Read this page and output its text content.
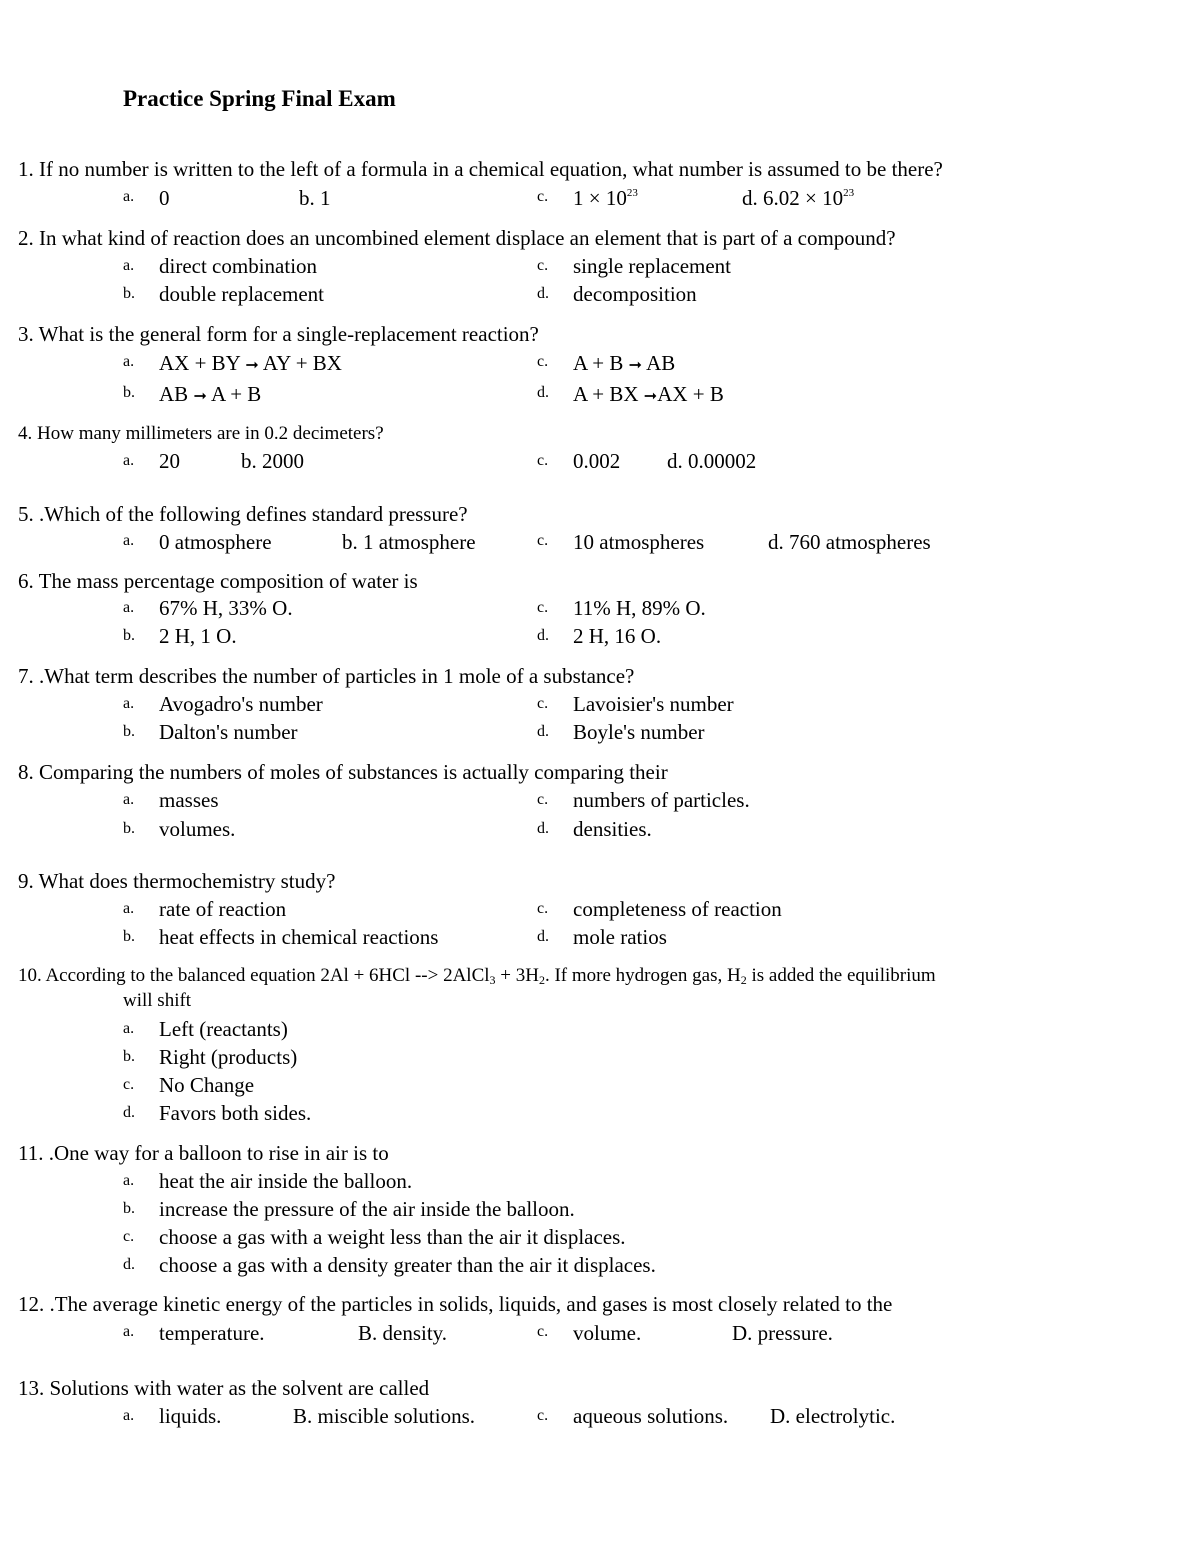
Practice Spring Final Exam
1. If no number is written to the left of a formula in a chemical equation, what number is assumed to be there?
a. 0	b. 1	c. $1 \times 10^{23}$	d. $6.02 \times 10^{23}$
2. In what kind of reaction does an uncombined element displace an element that is part of a compound?
a. direct combination	c. single replacement
b. double replacement	d. decomposition
3. What is the general form for a single-replacement reaction?
a. AX + BY ➞ AY + BX	c. A + B ➞ AB
b. AB ➞ A + B	d. A + BX ➞AX + B
4. How many millimeters are in 0.2 decimeters?
a. 20	b. 2000	c. 0.002 d. 0.00002
5. .Which of the following defines standard pressure?
a. 0 atmosphere	b. 1 atmosphere	c. 10 atmospheres	d. 760 atmospheres
6. The mass percentage composition of water is
a. 67% H, 33% O.	c. 11% H, 89% O.
b. 2 H, 1 O.	d. 2 H, 16 O.
7. .What term describes the number of particles in 1 mole of a substance?
a. Avogadro's number	c. Lavoisier's number
b. Dalton's number	d. Boyle's number
8. Comparing the numbers of moles of substances is actually comparing their
a. masses	c. numbers of particles.
b. volumes.	d. densities.
9. What does thermochemistry study?
a. rate of reaction	c. completeness of reaction
b. heat effects in chemical reactions	d. mole ratios
10. According to the balanced equation 2Al + 6HCl --> 2AlCl$_3$ + $3H_2$. If more hydrogen gas, $H_2$ is added the equilibrium
will shift
a. Left (reactants)
b. Right (products)
c. No Change
d. Favors both sides.
11. .One way for a balloon to rise in air is to
a. heat the air inside the balloon.
b. increase the pressure of the air inside the balloon.
c. choose a gas with a weight less than the air it displaces.
d. choose a gas with a density greater than the air it displaces.
12. .The average kinetic energy of the particles in solids, liquids, and gases is most closely related to the
a. temperature.	B. density.	c. volume.	D. pressure.
13. Solutions with water as the solvent are called
a. liquids.	B. miscible solutions.	c. aqueous solutions. D. electrolytic.
